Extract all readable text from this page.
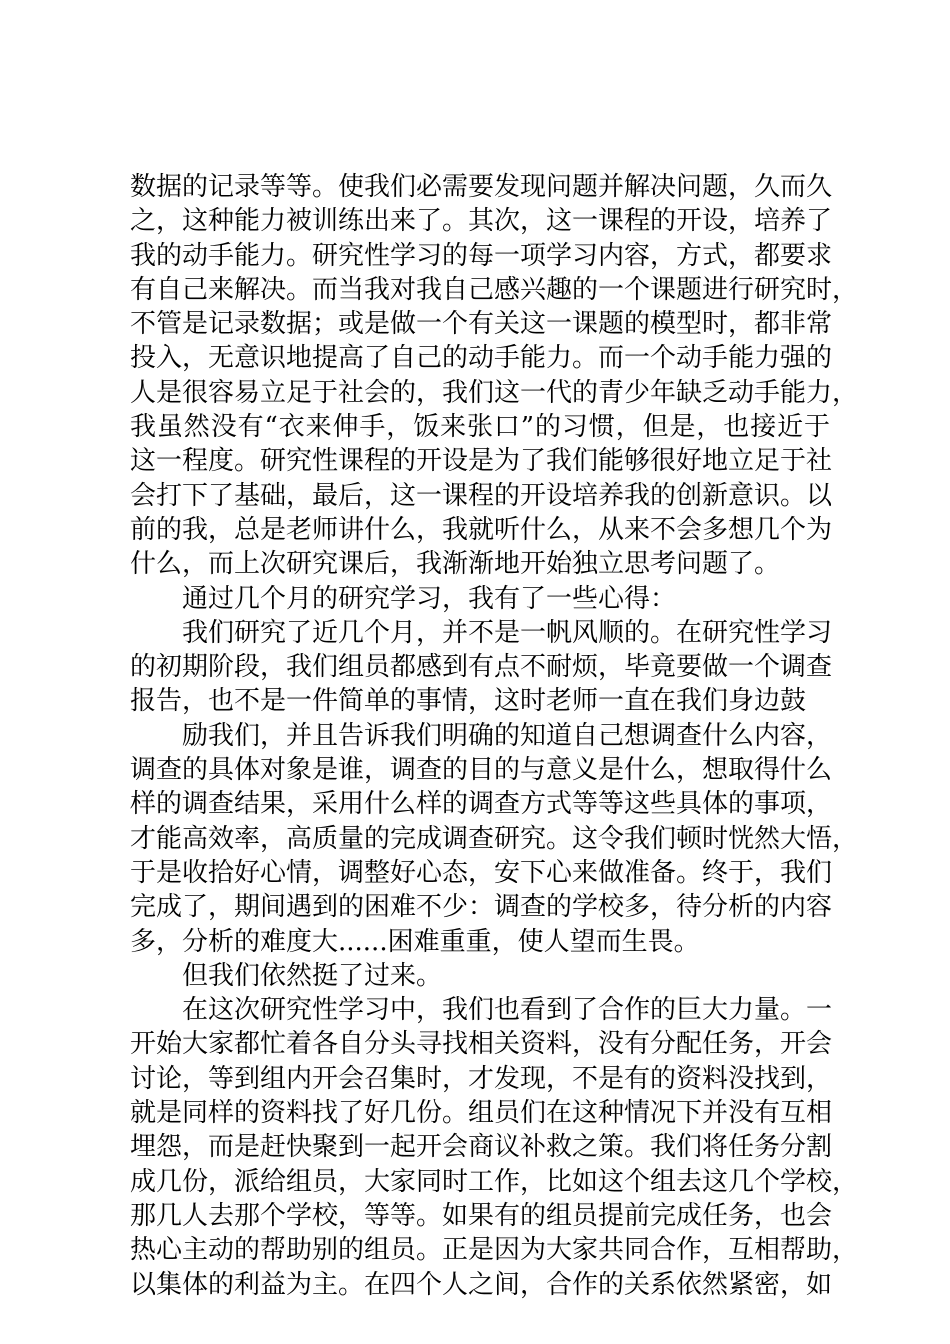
数据的记录等等。使我们必需要发现问题并解决问题，久而久
之，这种能力被训练出来了。其次，这一课程的开设，培养了
我的动手能力。研究性学习的每一项学习内容，方式，都要求
有自己来解决。而当我对我自己感兴趣的一个课题进行研究时，
不管是记录数据；或是做一个有关这一课题的模型时，都非常
投入，无意识地提高了自己的动手能力。而一个动手能力强的
人是很容易立足于社会的，我们这一代的青少年缺乏动手能力，
我虽然没有“衣来伸手，饭来张口”的习惯，但是，也接近于
这一程度。研究性课程的开设是为了我们能够很好地立足于社
会打下了基础，最后，这一课程的开设培养我的创新意识。以
前的我，总是老师讲什么，我就听什么，从来不会多想几个为
什么，而上次研究课后，我渐渐地开始独立思考问题了。
通过几个月的研究学习，我有了一些心得：
我们研究了近几个月，并不是一帆风顺的。在研究性学习
的初期阶段，我们组员都感到有点不耐烦，毕竟要做一个调查
报告，也不是一件简单的事情，这时老师一直在我们身边鼓
励我们，并且告诉我们明确的知道自己想调查什么内容，
调查的具体对象是谁，调查的目的与意义是什么，想取得什么
样的调查结果，采用什么样的调查方式等等这些具体的事项，
才能高效率，高质量的完成调查研究。这令我们顿时恍然大悟，
于是收拾好心情，调整好心态，安下心来做准备。终于，我们
完成了，期间遇到的困难不少：调查的学校多，待分析的内容
多，分析的难度大......困难重重，使人望而生畏。
但我们依然挺了过来。
在这次研究性学习中，我们也看到了合作的巨大力量。一
开始大家都忙着各自分头寻找相关资料，没有分配任务，开会
讨论，等到组内开会召集时，才发现，不是有的资料没找到，
就是同样的资料找了好几份。组员们在这种情况下并没有互相
埋怨，而是赶快聚到一起开会商议补救之策。我们将任务分割
成几份，派给组员，大家同时工作，比如这个组去这几个学校，
那几人去那个学校，等等。如果有的组员提前完成任务，也会
热心主动的帮助别的组员。正是因为大家共同合作，互相帮助，
以集体的利益为主。在四个人之间，合作的关系依然紧密，如
